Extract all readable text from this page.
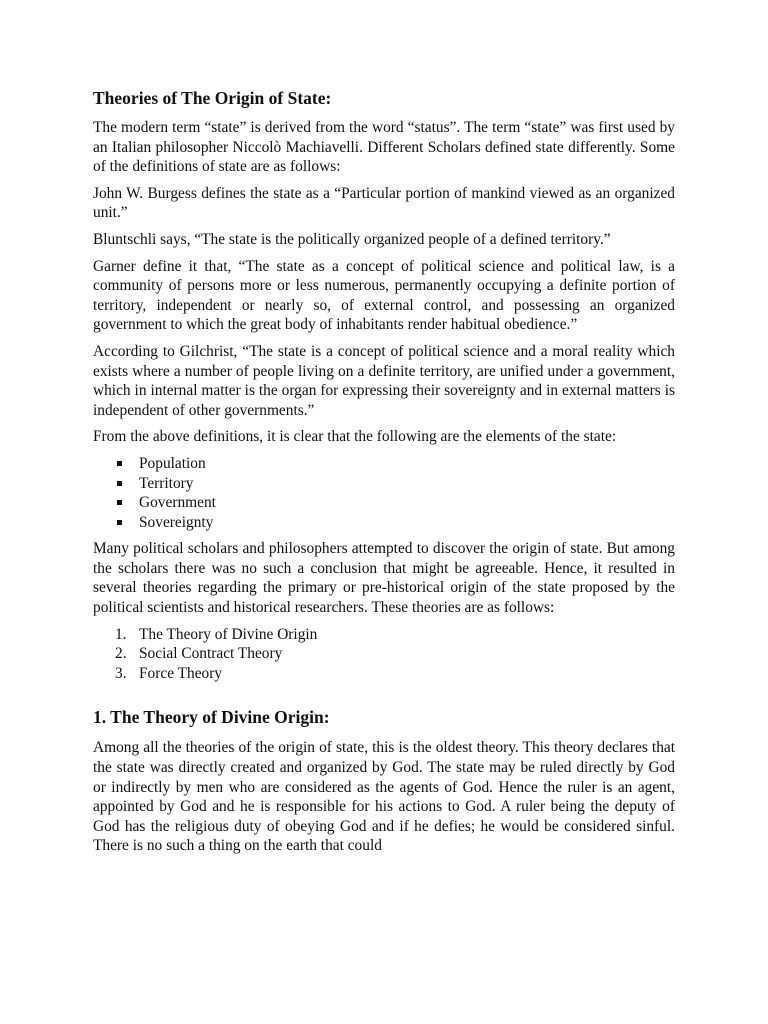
Theories of The Origin of State:

The modern term “state” is derived from the word “status”. The term “state” was first used by an Italian philosopher Niccolò Machiavelli. Different Scholars defined state differently. Some of the definitions of state are as follows:

John W. Burgess defines the state as a “Particular portion of mankind viewed as an organized unit.”

Bluntschli says, “The state is the politically organized people of a defined territory.”

Garner define it that, “The state as a concept of political science and political law, is a community of persons more or less numerous, permanently occupying a definite portion of territory, independent or nearly so, of external control, and possessing an organized government to which the great body of inhabitants render habitual obedience.”

According to Gilchrist, “The state is a concept of political science and a moral reality which exists where a number of people living on a definite territory, are unified under a government, which in internal matter is the organ for expressing their sovereignty and in external matters is independent of other governments.”

From the above definitions, it is clear that the following are the elements of the state:

Population
Territory
Government
Sovereignty

Many political scholars and philosophers attempted to discover the origin of state. But among the scholars there was no such a conclusion that might be agreeable. Hence, it resulted in several theories regarding the primary or pre-historical origin of the state proposed by the political scientists and historical researchers. These theories are as follows:

1. The Theory of Divine Origin
2. Social Contract Theory
3. Force Theory
1. The Theory of Divine Origin:

Among all the theories of the origin of state, this is the oldest theory. This theory declares that the state was directly created and organized by God. The state may be ruled directly by God or indirectly by men who are considered as the agents of God. Hence the ruler is an agent, appointed by God and he is responsible for his actions to God. A ruler being the deputy of God has the religious duty of obeying God and if he defies; he would be considered sinful. There is no such a thing on the earth that could
